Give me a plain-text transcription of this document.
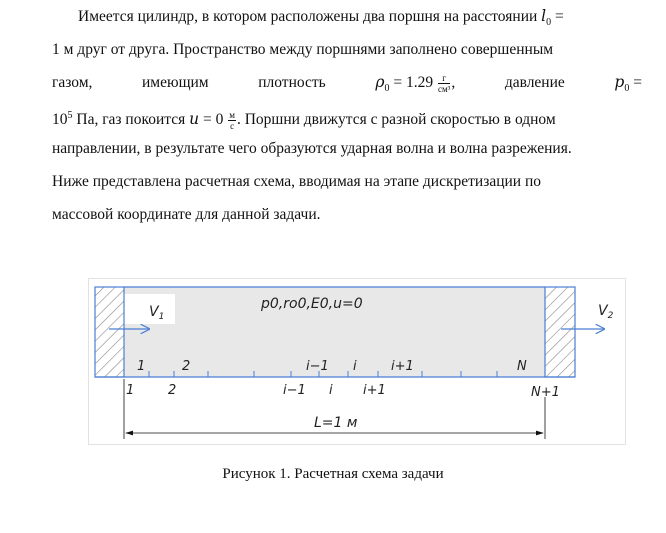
Имеется цилиндр, в котором расположены два поршня на расстоянии $l_0$ =
1 м друг от друга. Пространство между поршнями заполнено совершенным
газом,	имеющим	плотность	$\rho_0 = 1.29 \frac{г}{\text{см³}}$ ,	давление	$p_0$ =
$10^5$ Па, газ покоится $u = 0 \frac{м}{с}$ . Поршни движутся с разной скоростью в одном
направлении, в результате чего образуются ударная волна и волна разрежения.
Ниже представлена расчетная схема, вводимая на этапе дискретизации по
массовой координате для данной задачи.
$V_1$	$V_2$
p0,ro0,E0,u=0
1	2	i−1 i	i+1	N
1	2	i−1 i i+1	N+1
L=1 м
Рисунок 1. Расчетная схема задачи
